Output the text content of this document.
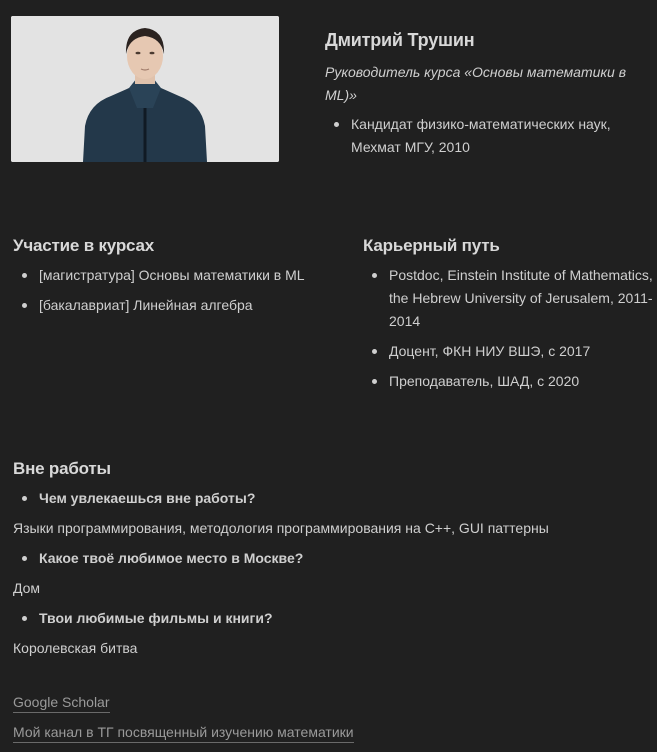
Дмитрий Трушин
Руководитель курса «Основы математики в ML)»
Кандидат физико-математических наук, Мехмат МГУ, 2010
Участие в курсах
[магистратура] Основы математики в ML
[бакалавриат] Линейная алгебра
Карьерный путь
Postdoc, Einstein Institute of Mathematics, the Hebrew University of Jerusalem, 2011-2014
Доцент, ФКН НИУ ВШЭ, с 2017
Преподаватель, ШАД, с 2020
Вне работы
Чем увлекаешься вне работы?
Языки программирования, методология программирования на C++, GUI паттерны
Какое твоё любимое место в Москве?
Дом
Твои любимые фильмы и книги?
Королевская битва
Google Scholar
Мой канал в ТГ посвященный изучению математики
